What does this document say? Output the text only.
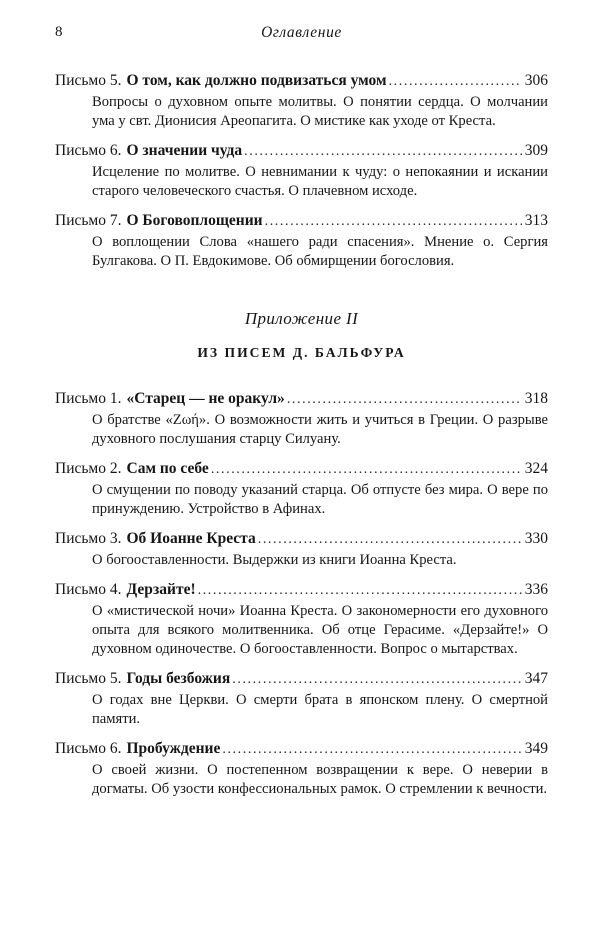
8	Оглавление
Письмо 5. О том, как должно подвизаться умом .....	306

Вопросы о духовном опыте молитвы. О понятии сердца. О молчании ума у свт. Дионисия Ареопагита. О мистике как уходе от Креста.

Письмо 6. О значении чуда .....	309

Исцеление по молитве. О невнимании к чуду: о непокаянии и искании старого человеческого счастья. О плачевном исходе.

Письмо 7. О Боговоплощении .....	313

О воплощении Слова «нашего ради спасения». Мнение о. Сергия Булгакова. О П. Евдокимове. Об обмирщении богословия.

Приложение II
ИЗ ПИСЕМ Д. БАЛЬФУРА
Письмо 1. «Старец — не оракул» .....	318

О братстве «Ζωή». О возможности жить и учиться в Греции. О разрыве духовного послушания старцу Силуану.

Письмо 2. Сам по себе .....	324

О смущении по поводу указаний старца. Об отпусте без мира. О вере по принуждению. Устройство в Афинах.

Письмо 3. Об Иоанне Креста .....	330

О богооставленности. Выдержки из книги Иоанна Креста.

Письмо 4. Дерзайте! .....	336

О «мистической ночи» Иоанна Креста. О закономерности его духовного опыта для всякого молитвенника. Об отце Герасиме. «Дерзайте!» О духовном одиночестве. О богооставленности. Вопрос о мытарствах.

Письмо 5. Годы безбожия .....	347

О годах вне Церкви. О смерти брата в японском плену. О смертной памяти.

Письмо 6. Пробуждение .....	349

О своей жизни. О постепенном возвращении к вере. О неверии в догматы. Об узости конфессиональных рамок. О стремлении к вечности.
